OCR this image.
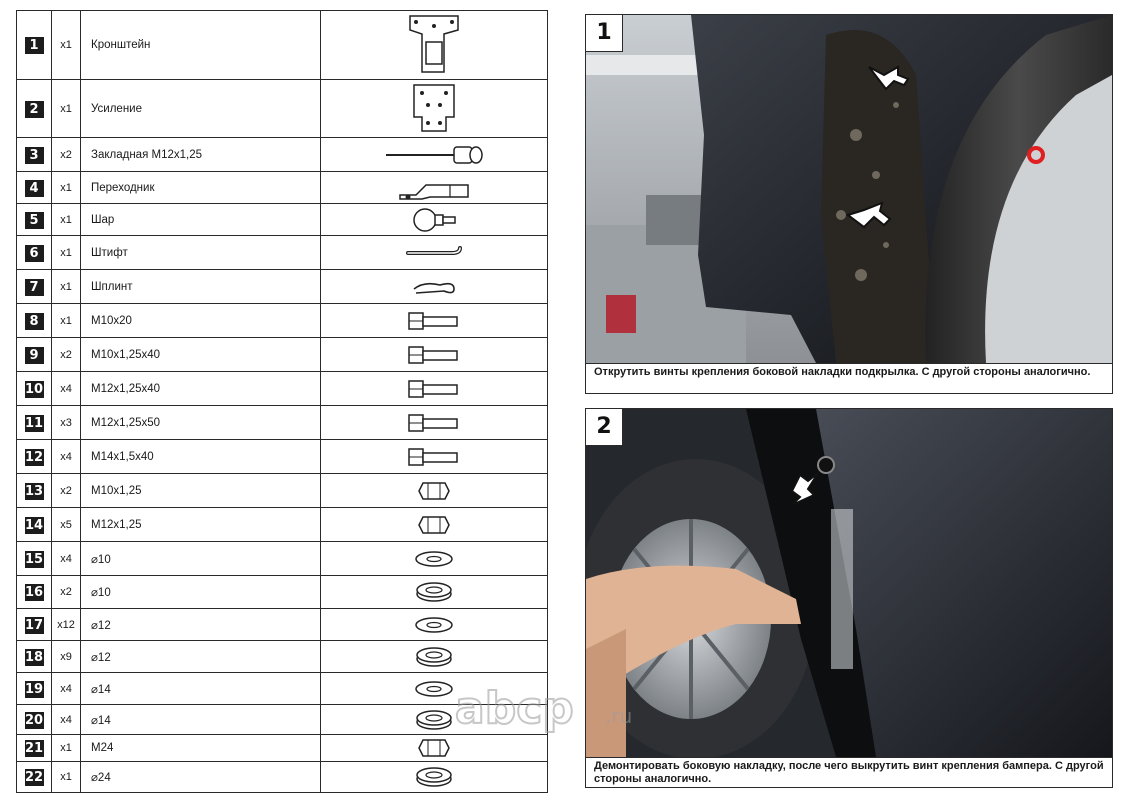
1	x1	Кронштейн	

2	x1	Усиление	

3	x2	Закладная M12x1,25	

4	x1	Переходник	

5	x1	Шар	

6	x1	Штифт	

7	x1	Шплинт	

8	x1	M10x20	

9	x2	M10x1,25x40	

10	x4	M12x1,25x40	

11	x3	M12x1,25x50	

12	x4	M14x1,5x40	

13	x2	M10x1,25	

14	x5	M12x1,25	

15	x4	⌀10	

16	x2	⌀10	

17	x12	⌀12	

18	x9	⌀12	

19	x4	⌀14	

20	x4	⌀14	

21	x1	M24	

22	x1	⌀24	
1
Открутить винты крепления боковой накладки подкрылка. С другой стороны аналогично.
2
Демонтировать боковую накладку, после чего выкрутить винт крепления бампера. С другой стороны аналогично.
abcp .ru
